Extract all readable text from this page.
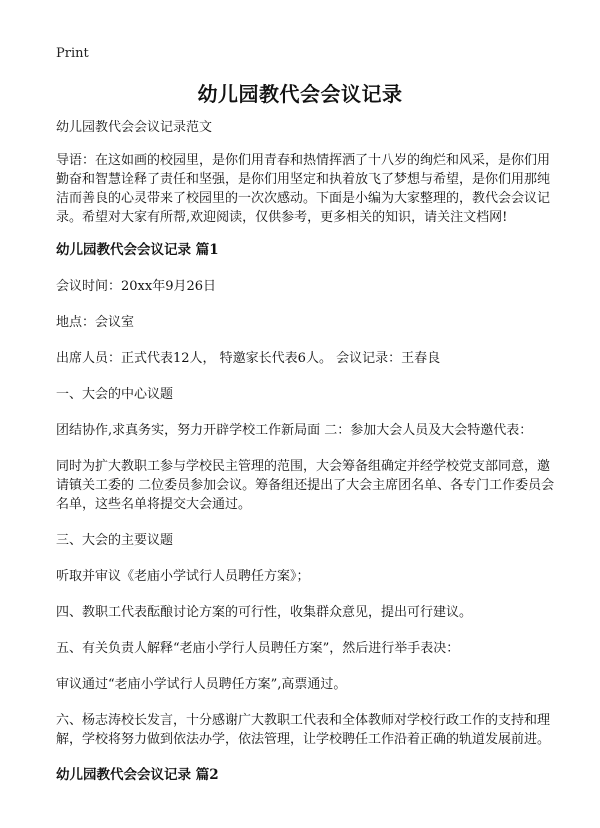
Print
幼儿园教代会会议记录

幼儿园教代会会议记录范文

导语：在这如画的校园里，是你们用青春和热情挥洒了十八岁的绚烂和风采，是你们用勤奋和智慧诠释了责任和坚强，是你们用坚定和执着放飞了梦想与希望，是你们用那纯洁而善良的心灵带来了校园里的一次次感动。下面是小编为大家整理的，教代会会议记录。希望对大家有所帮,欢迎阅读，仅供参考，更多相关的知识，请关注文档网!

幼儿园教代会会议记录 篇1

会议时间：20xx年9月26日

地点：会议室

出席人员：正式代表12人， 特邀家长代表6人。 会议记录：王春良

一、大会的中心议题

团结协作,求真务实，努力开辟学校工作新局面 二：参加大会人员及大会特邀代表：

同时为扩大教职工参与学校民主管理的范围，大会筹备组确定并经学校党支部同意，邀请镇关工委的 二位委员参加会议。筹备组还提出了大会主席团名单、各专门工作委员会名单，这些名单将提交大会通过。

三、大会的主要议题

听取并审议《老庙小学试行人员聘任方案》；

四、教职工代表酝酿讨论方案的可行性，收集群众意见，提出可行建议。

五、有关负责人解释“老庙小学行人员聘任方案”，然后进行举手表决：

审议通过“老庙小学试行人员聘任方案”,高票通过。

六、杨志涛校长发言，十分感谢广大教职工代表和全体教师对学校行政工作的支持和理解，学校将努力做到依法办学，依法管理，让学校聘任工作沿着正确的轨道发展前进。

幼儿园教代会会议记录 篇2
